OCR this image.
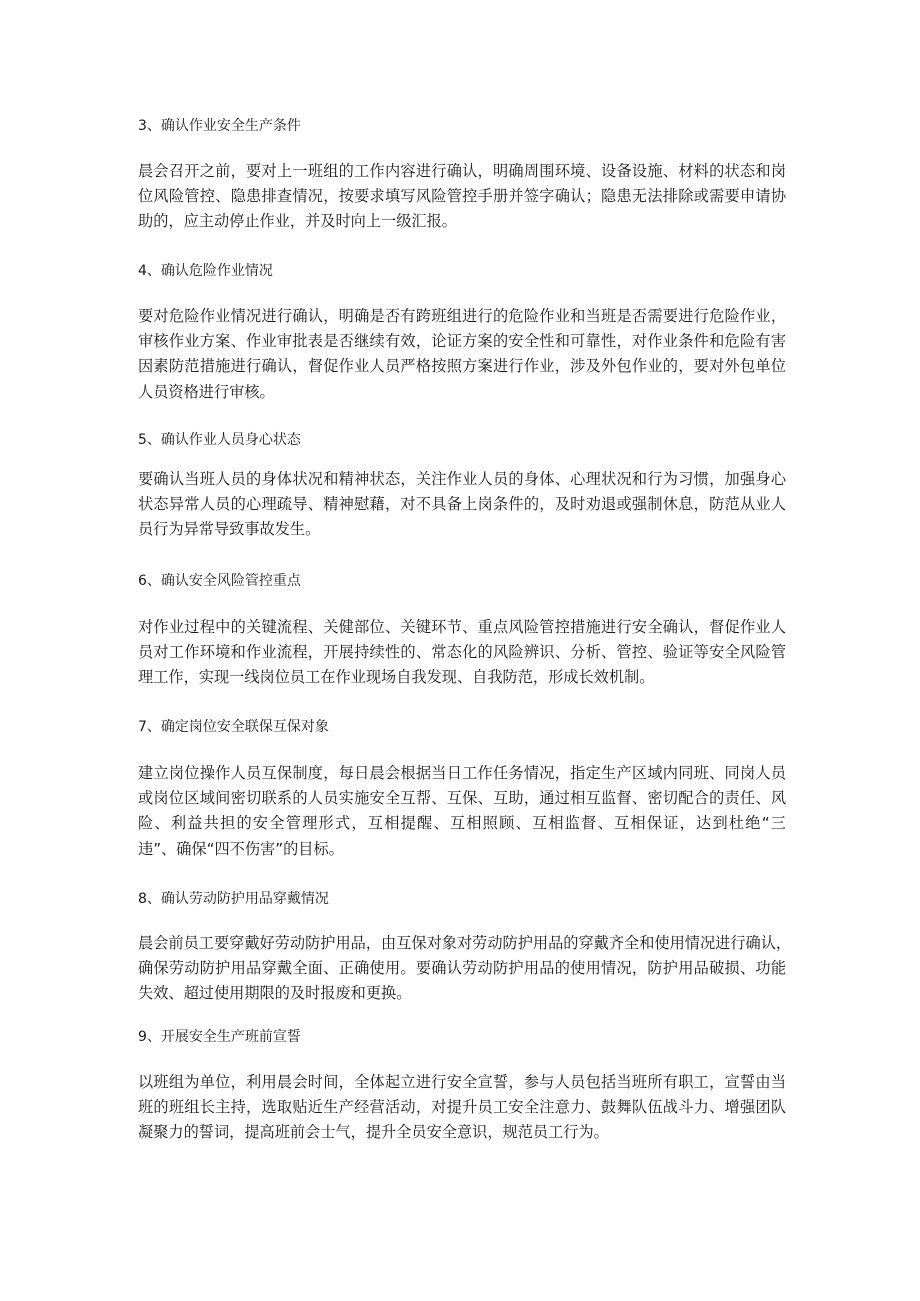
3、确认作业安全生产条件
晨会召开之前，要对上一班组的工作内容进行确认，明确周围环境、设备设施、材料的状态和岗
位风险管控、隐患排查情况，按要求填写风险管控手册并签字确认；隐患无法排除或需要申请协
助的，应主动停止作业，并及时向上一级汇报。
4、确认危险作业情况
要对危险作业情况进行确认，明确是否有跨班组进行的危险作业和当班是否需要进行危险作业，
审核作业方案、作业审批表是否继续有效，论证方案的安全性和可靠性，对作业条件和危险有害
因素防范措施进行确认，督促作业人员严格按照方案进行作业，涉及外包作业的，要对外包单位
人员资格进行审核。
5、确认作业人员身心状态
要确认当班人员的身体状况和精神状态，关注作业人员的身体、心理状况和行为习惯，加强身心
状态异常人员的心理疏导、精神慰藉，对不具备上岗条件的，及时劝退或强制休息，防范从业人
员行为异常导致事故发生。
6、确认安全风险管控重点
对作业过程中的关键流程、关健部位、关键环节、重点风险管控措施进行安全确认，督促作业人
员对工作环境和作业流程，开展持续性的、常态化的风险辨识、分析、管控、验证等安全风险管
理工作，实现一线岗位员工在作业现场自我发现、自我防范，形成长效机制。
7、确定岗位安全联保互保对象
建立岗位操作人员互保制度，每日晨会根据当日工作任务情况，指定生产区域内同班、同岗人员
或岗位区域间密切联系的人员实施安全互帮、互保、互助，通过相互监督、密切配合的责任、风
险、利益共担的安全管理形式，互相提醒、互相照顾、互相监督、互相保证，达到杜绝“三
违”、确保“四不伤害”的目标。
8、确认劳动防护用品穿戴情况
晨会前员工要穿戴好劳动防护用品，由互保对象对劳动防护用品的穿戴齐全和使用情况进行确认，
确保劳动防护用品穿戴全面、正确使用。要确认劳动防护用品的使用情况，防护用品破损、功能
失效、超过使用期限的及时报废和更换。
9、开展安全生产班前宣誓
以班组为单位，利用晨会时间，全体起立进行安全宣誓，参与人员包括当班所有职工，宣誓由当
班的班组长主持，选取贴近生产经营活动，对提升员工安全注意力、鼓舞队伍战斗力、增强团队
凝聚力的誓词，提高班前会士气，提升全员安全意识，规范员工行为。
